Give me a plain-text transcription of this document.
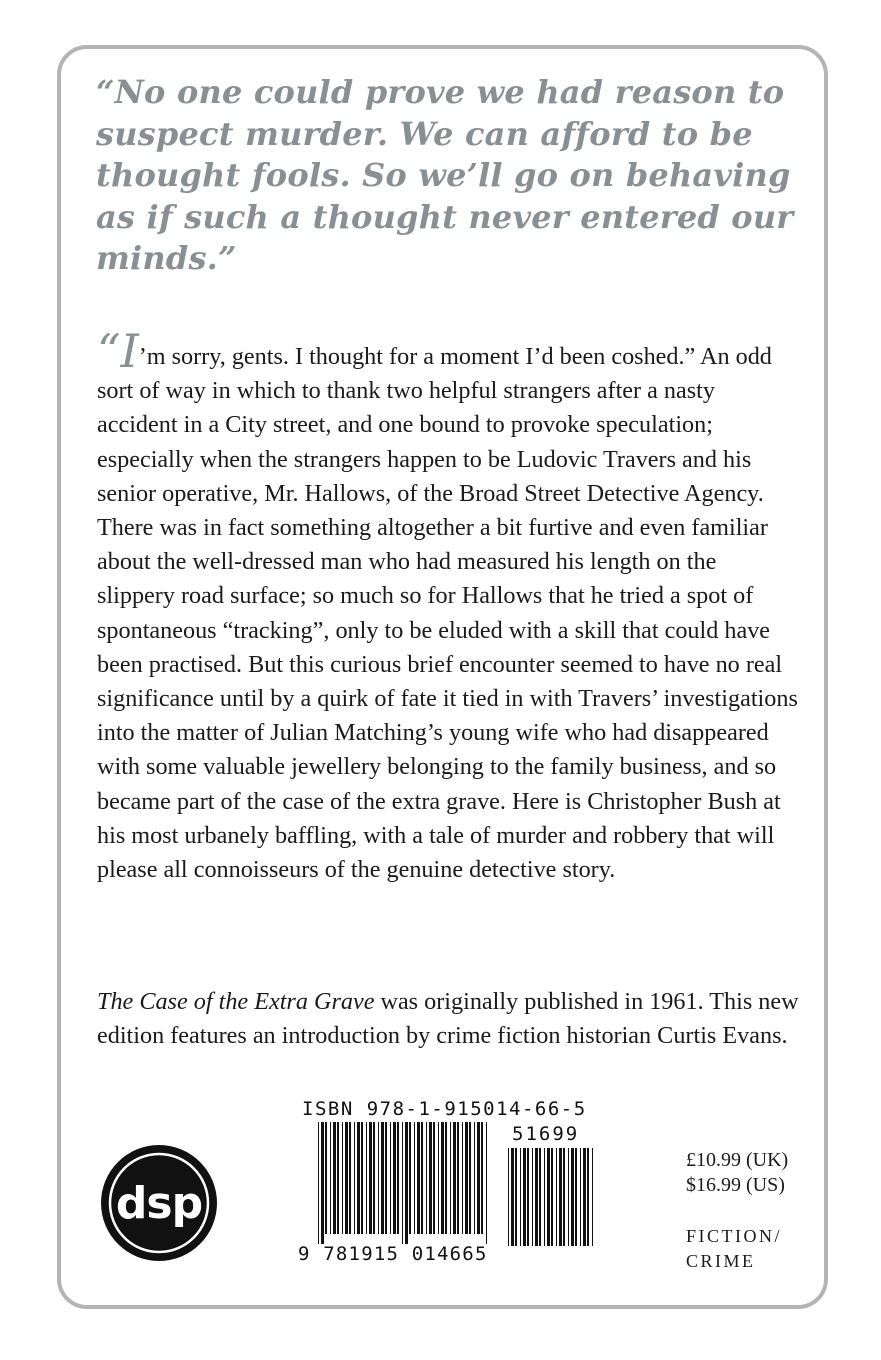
“No one could prove we had reason to suspect murder. We can afford to be thought fools. So we’ll go on behaving as if such a thought never entered our minds.”

“I’m sorry, gents. I thought for a moment I’d been coshed.” An odd sort of way in which to thank two helpful strangers after a nasty accident in a City street, and one bound to provoke speculation; especially when the strangers happen to be Ludovic Travers and his senior operative, Mr. Hallows, of the Broad Street Detective Agency. There was in fact something altogether a bit furtive and even familiar about the well-dressed man who had measured his length on the slippery road surface; so much so for Hallows that he tried a spot of spontaneous “tracking”, only to be eluded with a skill that could have been practised. But this curious brief encounter seemed to have no real significance until by a quirk of fate it tied in with Travers’ investigations into the matter of Julian Matching’s young wife who had disappeared with some valuable jewellery belonging to the family business, and so became part of the case of the extra grave. Here is Christopher Bush at his most urbanely baffling, with a tale of murder and robbery that will please all connoisseurs of the genuine detective story.

The Case of the Extra Grave was originally published in 1961. This new edition features an introduction by crime fiction historian Curtis Evans.

dsp
ISBN 978-1-915014-66-5
9 781915 014665
51699
£10.99 (UK)
$16.99 (US)
FICTION/
CRIME
